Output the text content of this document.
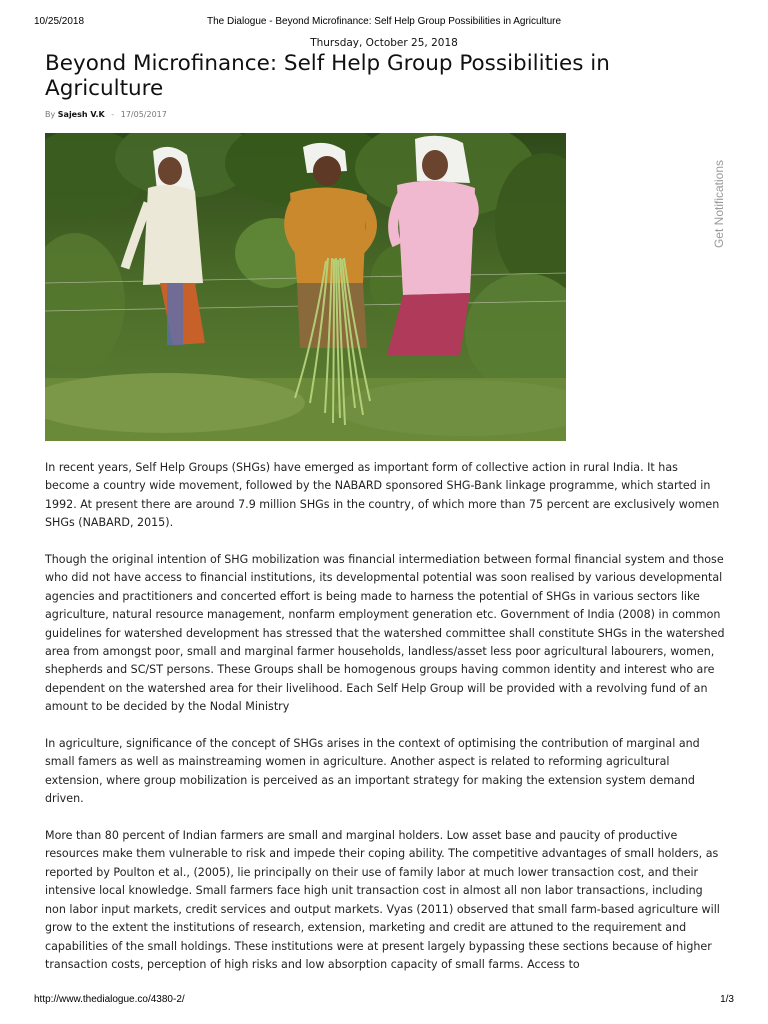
10/25/2018	The Dialogue - Beyond Microfinance: Self Help Group Possibilities in Agriculture
Thursday, October 25, 2018
Beyond Microfinance: Self Help Group Possibilities in Agriculture
By Sajesh V.K - 17/05/2017
Get Notifications

In recent years, Self Help Groups (SHGs) have emerged as important form of collective action in rural India. It has become a country wide movement, followed by the NABARD sponsored SHG-Bank linkage programme, which started in 1992. At present there are around 7.9 million SHGs in the country, of which more than 75 percent are exclusively women SHGs (NABARD, 2015).

Though the original intention of SHG mobilization was financial intermediation between formal financial system and those who did not have access to financial institutions, its developmental potential was soon realised by various developmental agencies and practitioners and concerted effort is being made to harness the potential of SHGs in various sectors like agriculture, natural resource management, nonfarm employment generation etc. Government of India (2008) in common guidelines for watershed development has stressed that the watershed committee shall constitute SHGs in the watershed area from amongst poor, small and marginal farmer households, landless/asset less poor agricultural labourers, women, shepherds and SC/ST persons. These Groups shall be homogenous groups having common identity and interest who are dependent on the watershed area for their livelihood. Each Self Help Group will be provided with a revolving fund of an amount to be decided by the Nodal Ministry

In agriculture, significance of the concept of SHGs arises in the context of optimising the contribution of marginal and small famers as well as mainstreaming women in agriculture. Another aspect is related to reforming agricultural extension, where group mobilization is perceived as an important strategy for making the extension system demand driven.

More than 80 percent of Indian farmers are small and marginal holders. Low asset base and paucity of productive resources make them vulnerable to risk and impede their coping ability. The competitive advantages of small holders, as reported by Poulton et al., (2005), lie principally on their use of family labor at much lower transaction cost, and their intensive local knowledge. Small farmers face high unit transaction cost in almost all non labor transactions, including non labor input markets, credit services and output markets. Vyas (2011) observed that small farm-based agriculture will grow to the extent the institutions of research, extension, marketing and credit are attuned to the requirement and capabilities of the small holdings. These institutions were at present largely bypassing these sections because of higher transaction costs, perception of high risks and low absorption capacity of small farms. Access to

http://www.thedialogue.co/4380-2/	1/3
